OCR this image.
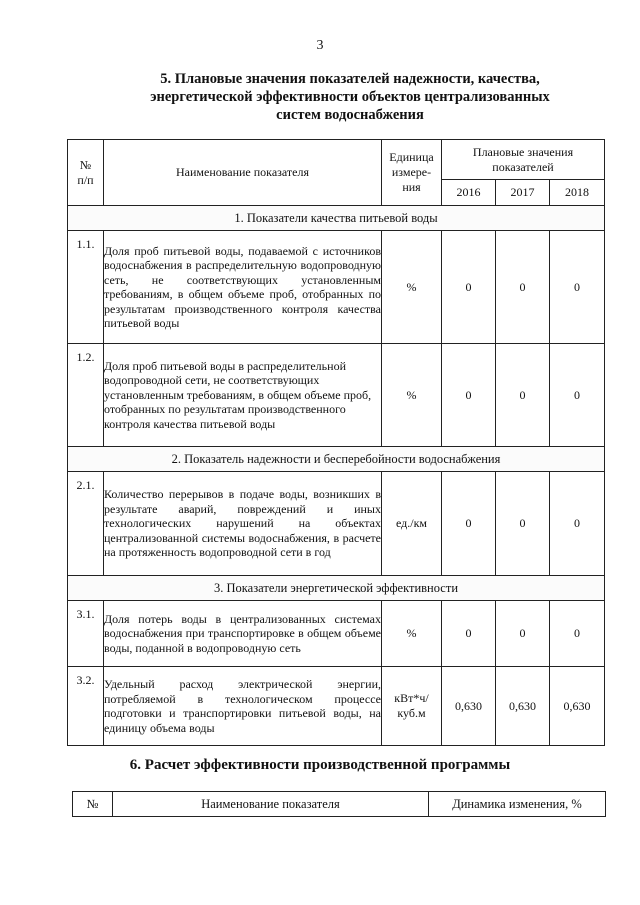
3
5. Плановые значения показателей надежности, качества,
энергетической эффективности объектов централизованных
систем водоснабжения
№ п/п	Наименование показателя	Единица измере-ния	Плановые значения показателей		
			2016	2017	2018
1. Показатели качества питьевой воды					
1.1.	Доля проб питьевой воды, подаваемой с источников водоснабжения в распределительную водопроводную сеть, не соответствующих установленным требованиям, в общем объеме проб, отобранных по результатам производственного контроля качества питьевой воды	%	0	0	0
1.2.	Доля проб питьевой воды в распределительной водопроводной сети, не соответствующих установленным требованиям, в общем объеме проб, отобранных по результатам производственного контроля качества питьевой воды	%	0	0	0
2. Показатель надежности и бесперебойности водоснабжения					
2.1.	Количество перерывов в подаче воды, возникших в результате аварий, повреждений и иных технологических нарушений на объектах централизованной системы водоснабжения, в расчете на протяженность водопроводной сети в год	ед./км	0	0	0
3. Показатели энергетической эффективности					
3.1.	Доля потерь воды в централизованных системах водоснабжения при транспортировке в общем объеме воды, поданной в водопроводную сеть	%	0	0	0
3.2.	Удельный расход электрической энергии, потребляемой в технологическом процессе подготовки и транспортировки питьевой воды, на единицу объема воды	кВт*ч/ куб.м	0,630	0,630	0,630
6. Расчет эффективности производственной программы
№	Наименование показателя	Динамика изменения, %
